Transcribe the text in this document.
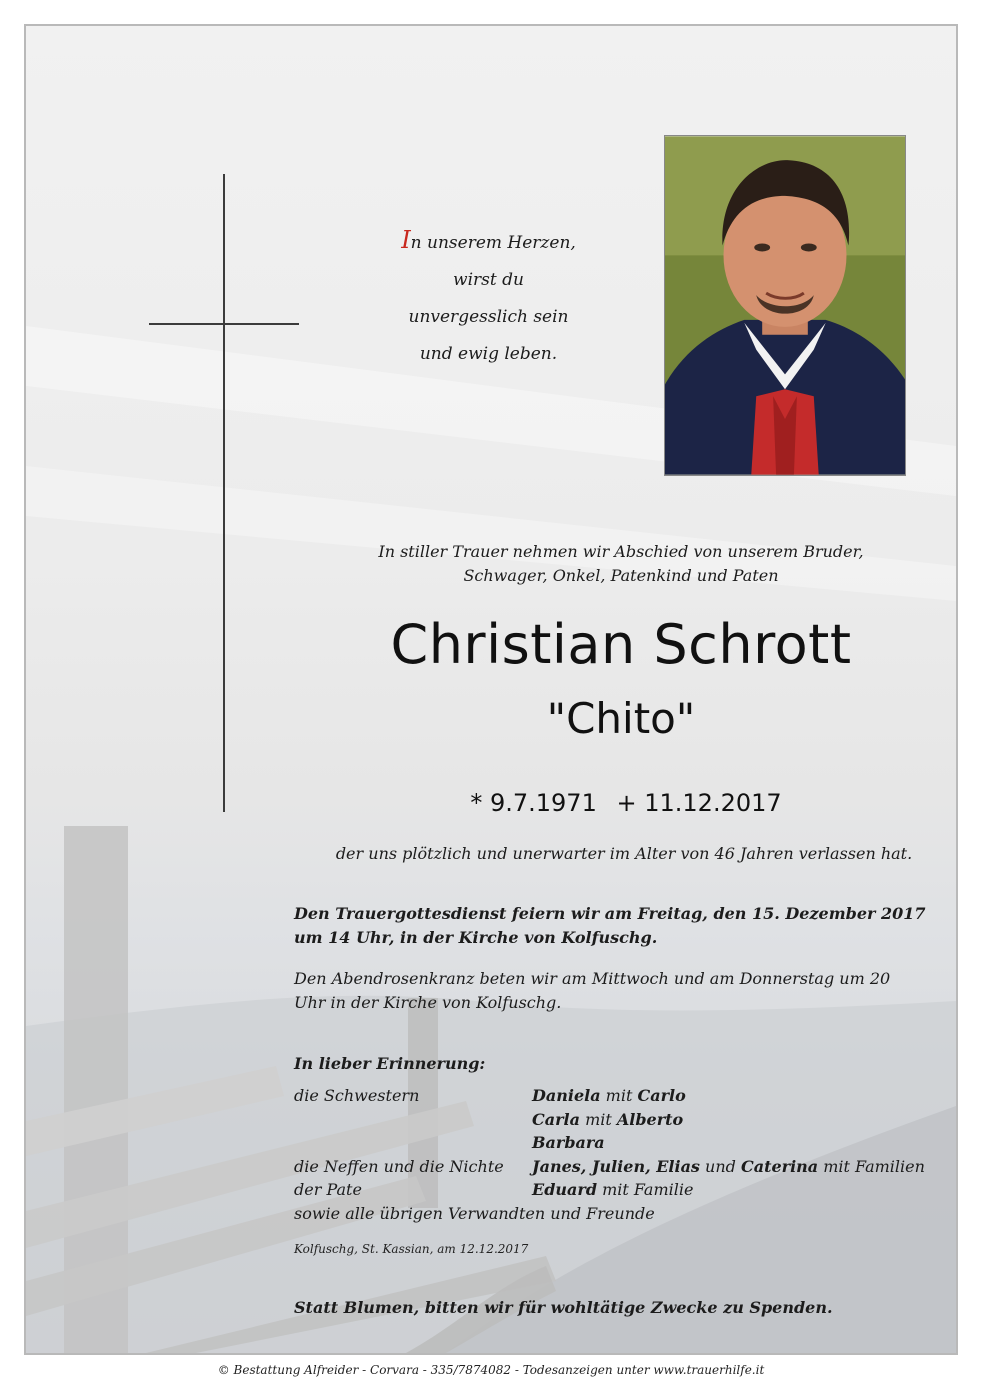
In unserem Herzen,
wirst du
unvergesslich sein
und ewig leben.
In stiller Trauer nehmen wir Abschied von unserem Bruder,
Schwager, Onkel, Patenkind und Paten
Christian Schrott
"Chito"
* 9.7.1971 + 11.12.2017
der uns plötzlich und unerwarter im Alter von 46 Jahren verlassen hat.
Den Trauergottesdienst feiern wir am Freitag, den 15. Dezember 2017
um 14 Uhr, in der Kirche von Kolfuschg.
Den Abendrosenkranz beten wir am Mittwoch und am Donnerstag um 20
Uhr in der Kirche von Kolfuschg.
In lieber Erinnerung:
die Schwestern	Daniela mit Carlo
Carla mit Alberto
Barbara
die Neffen und die Nichte	Janes, Julien, Elias und Caterina mit Familien
der Pate	Eduard mit Familie
sowie alle übrigen Verwandten und Freunde
Kolfuschg, St. Kassian, am 12.12.2017
Statt Blumen, bitten wir für wohltätige Zwecke zu Spenden.
© Bestattung Alfreider - Corvara - 335/7874082 - Todesanzeigen unter www.trauerhilfe.it
